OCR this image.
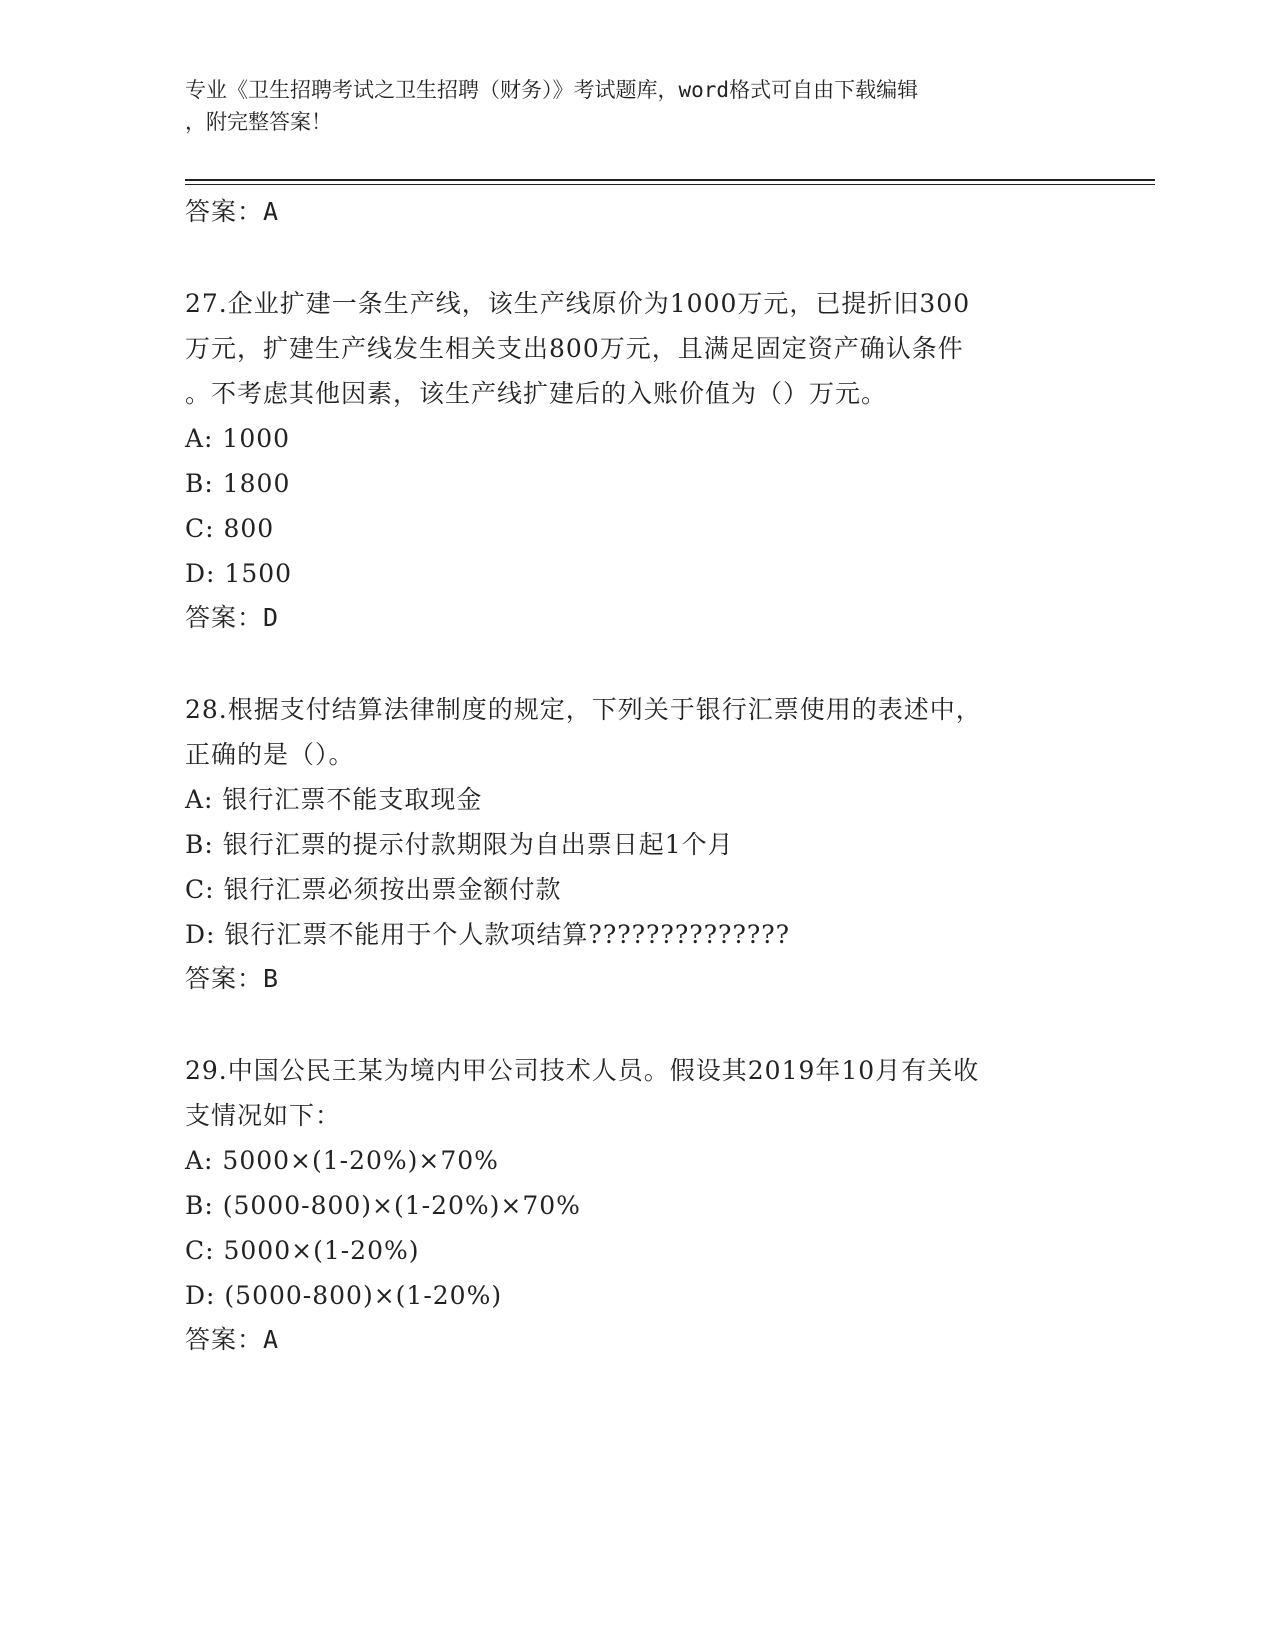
专业《卫生招聘考试之卫生招聘（财务）》考试题库，word格式可自由下载编辑
，附完整答案！
答案：A
27.企业扩建一条生产线，该生产线原价为1000万元，已提折旧300
万元，扩建生产线发生相关支出800万元，且满足固定资产确认条件
。不考虑其他因素，该生产线扩建后的入账价值为（）万元。
A: 1000
B: 1800
C: 800
D: 1500
答案：D
28.根据支付结算法律制度的规定，下列关于银行汇票使用的表述中，
正确的是（）。
A: 银行汇票不能支取现金
B: 银行汇票的提示付款期限为自出票日起1个月
C: 银行汇票必须按出票金额付款
D: 银行汇票不能用于个人款项结算??????????????
答案：B
29.中国公民王某为境内甲公司技术人员。假设其2019年10月有关收
支情况如下：
A: 5000×(1-20%)×70%
B: (5000-800)×(1-20%)×70%
C: 5000×(1-20%)
D: (5000-800)×(1-20%)
答案：A
